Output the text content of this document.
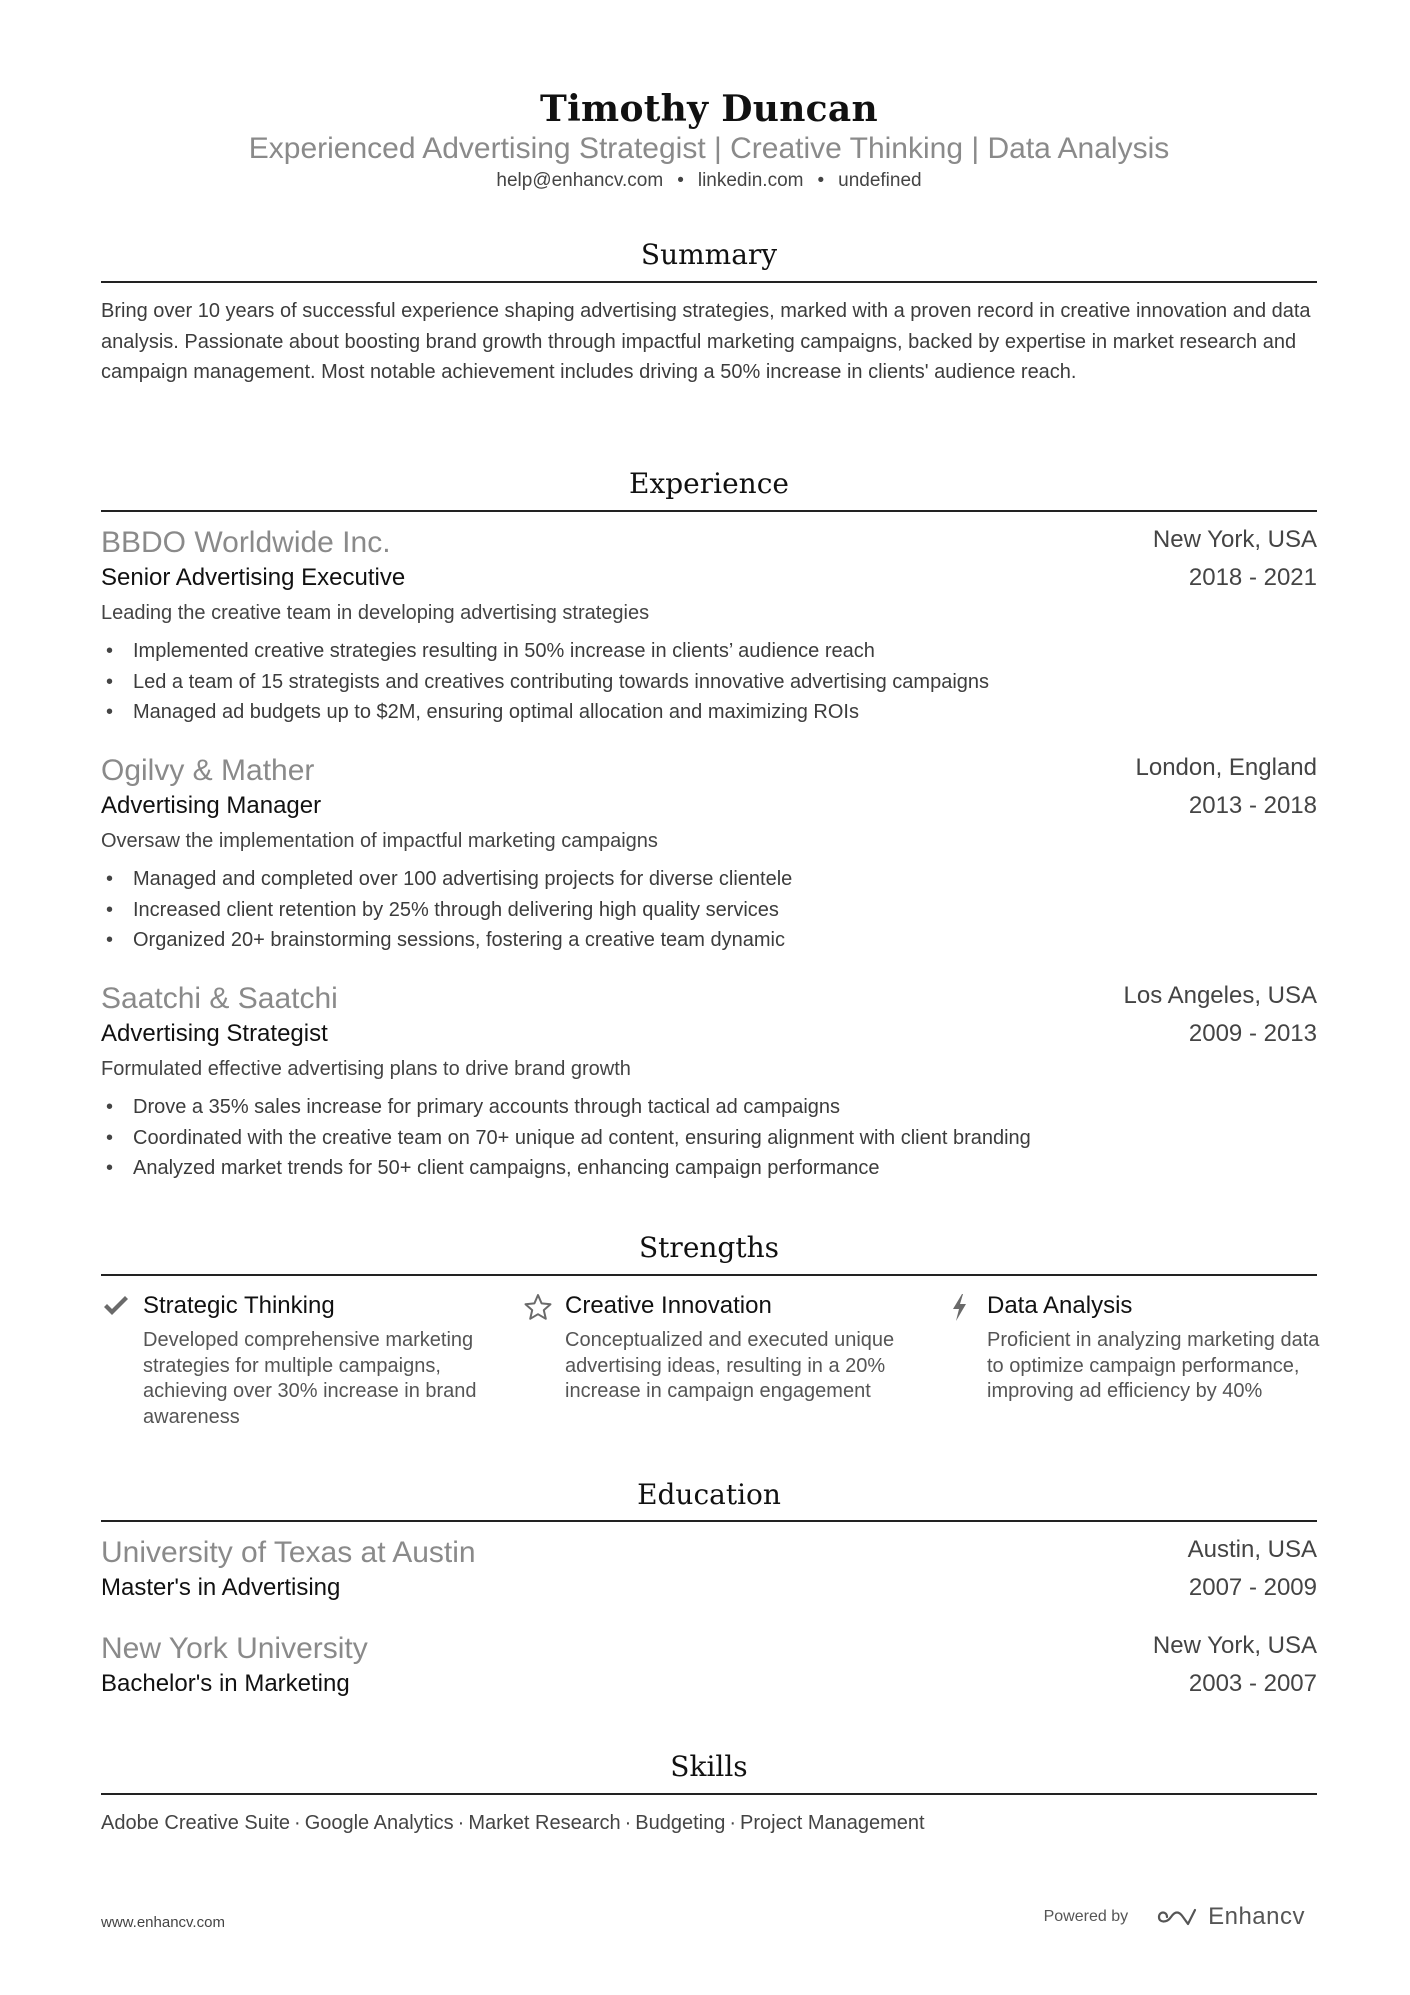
Timothy Duncan
Experienced Advertising Strategist | Creative Thinking | Data Analysis
help@enhancv.com • linkedin.com • undefined
Summary
Bring over 10 years of successful experience shaping advertising strategies, marked with a proven record in creative innovation and data analysis. Passionate about boosting brand growth through impactful marketing campaigns, backed by expertise in market research and campaign management. Most notable achievement includes driving a 50% increase in clients' audience reach.
Experience
BBDO Worldwide Inc.	New York, USA
Senior Advertising Executive	2018 - 2021
Leading the creative team in developing advertising strategies
• Implemented creative strategies resulting in 50% increase in clients’ audience reach
• Led a team of 15 strategists and creatives contributing towards innovative advertising campaigns
• Managed ad budgets up to $2M, ensuring optimal allocation and maximizing ROIs
Ogilvy & Mather	London, England
Advertising Manager	2013 - 2018
Oversaw the implementation of impactful marketing campaigns
• Managed and completed over 100 advertising projects for diverse clientele
• Increased client retention by 25% through delivering high quality services
• Organized 20+ brainstorming sessions, fostering a creative team dynamic
Saatchi & Saatchi	Los Angeles, USA
Advertising Strategist	2009 - 2013
Formulated effective advertising plans to drive brand growth
• Drove a 35% sales increase for primary accounts through tactical ad campaigns
• Coordinated with the creative team on 70+ unique ad content, ensuring alignment with client branding
• Analyzed market trends for 50+ client campaigns, enhancing campaign performance
Strengths
Strategic Thinking
Developed comprehensive marketing strategies for multiple campaigns, achieving over 30% increase in brand awareness
Creative Innovation
Conceptualized and executed unique advertising ideas, resulting in a 20% increase in campaign engagement
Data Analysis
Proficient in analyzing marketing data to optimize campaign performance, improving ad efficiency by 40%
Education
University of Texas at Austin	Austin, USA
Master's in Advertising	2007 - 2009
New York University	New York, USA
Bachelor's in Marketing	2003 - 2007
Skills
Adobe Creative Suite · Google Analytics · Market Research · Budgeting · Project Management
www.enhancv.com	Powered by	Enhancv
